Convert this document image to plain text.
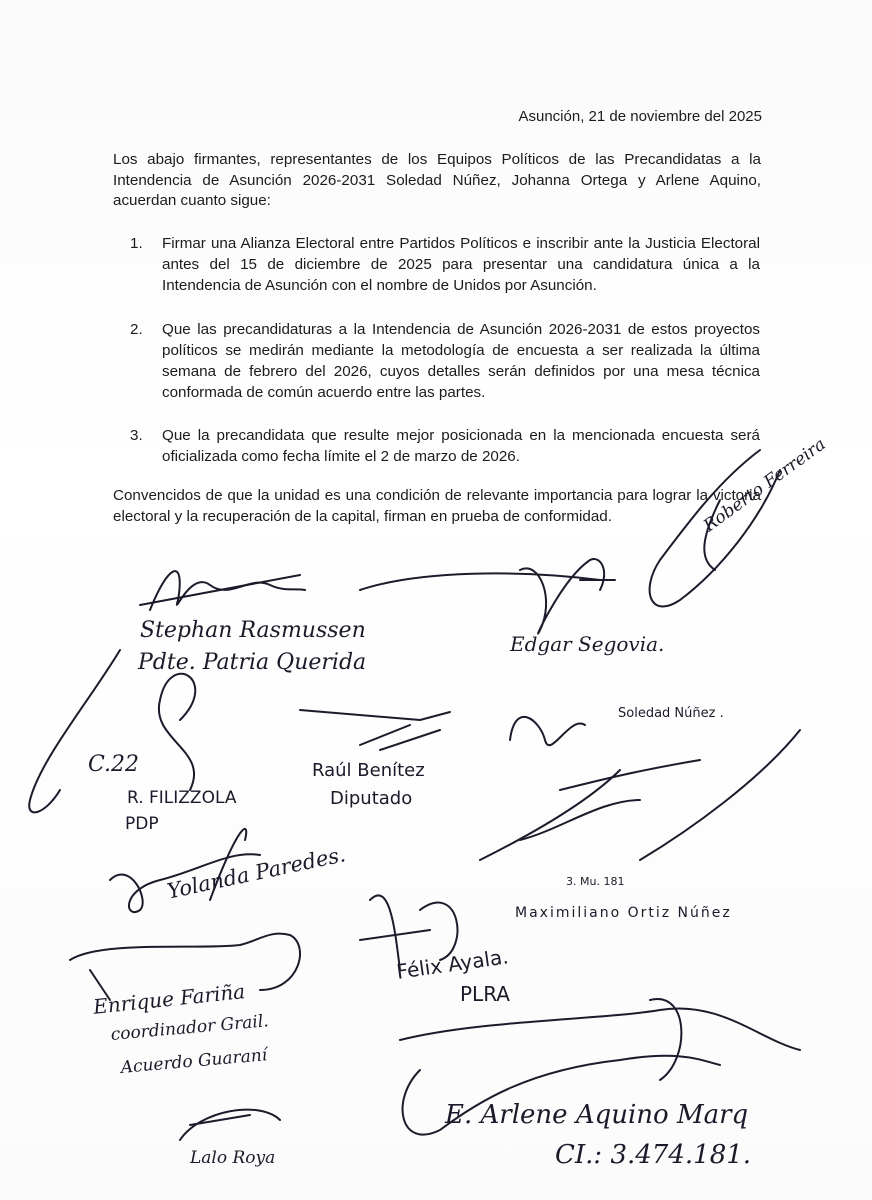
Asunción, 21 de noviembre del 2025
Los abajo firmantes, representantes de los Equipos Políticos de las Precandidatas a la Intendencia de Asunción 2026-2031 Soledad Núñez, Johanna Ortega y Arlene Aquino, acuerdan cuanto sigue:
1. Firmar una Alianza Electoral entre Partidos Políticos e inscribir ante la Justicia Electoral antes del 15 de diciembre de 2025 para presentar una candidatura única a la Intendencia de Asunción con el nombre de Unidos por Asunción.
2. Que las precandidaturas a la Intendencia de Asunción 2026-2031 de estos proyectos políticos se medirán mediante la metodología de encuesta a ser realizada la última semana de febrero del 2026, cuyos detalles serán definidos por una mesa técnica conformada de común acuerdo entre las partes.
3. Que la precandidata que resulte mejor posicionada en la mencionada encuesta será oficializada como fecha límite el 2 de marzo de 2026.
Convencidos de que la unidad es una condición de relevante importancia para lograr la victoria electoral y la recuperación de la capital, firman en prueba de conformidad.
Stephan Rasmussen
Pdte. Patria Querida
Edgar Segovia.
Roberto Ferreira
Soledad Núñez .
Raúl Benítez
Diputado
C.22
R. FILIZZOLA
PDP
Yolanda Paredes.	3. Mu. 181
Maximiliano Ortiz Núñez
Félix Ayala.
PLRA
Enrique Fariña
coordinador Grail.
Acuerdo Guaraní
E. Arlene Aquino Marq
CI.: 3.474.181.
Lalo Roya
